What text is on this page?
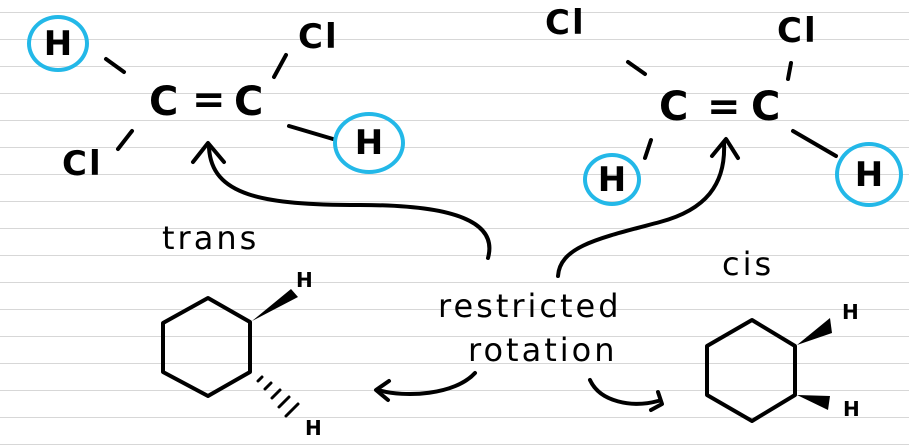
H	Cl
C = C
Cl
H
Cl	Cl
C = C
H	H
trans
cis
restricted
rotation
H
H
H
H
